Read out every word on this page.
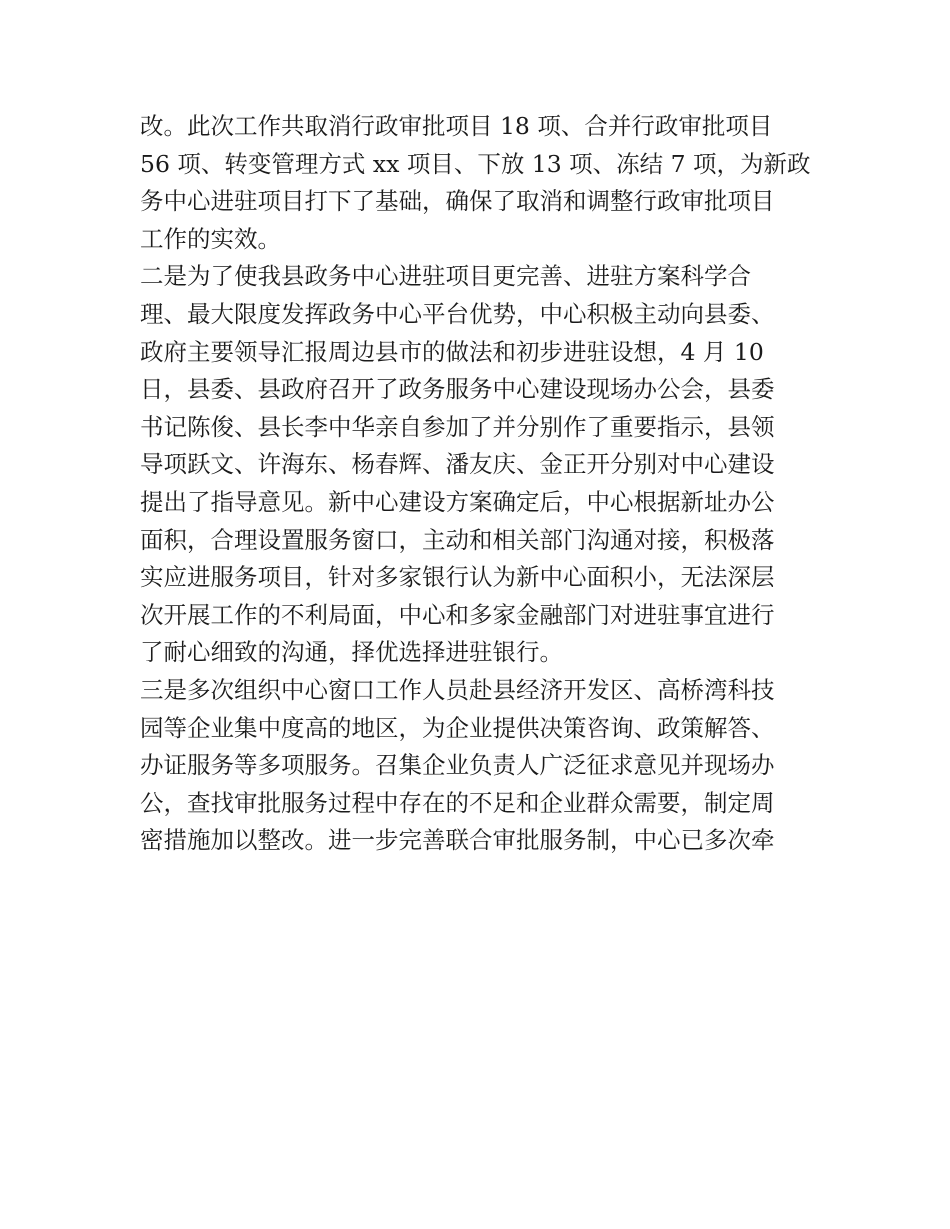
改。此次工作共取消行政审批项目 18 项、合并行政审批项目
56 项、转变管理方式 xx 项目、下放 13 项、冻结 7 项，为新政
务中心进驻项目打下了基础，确保了取消和调整行政审批项目
工作的实效。
二是为了使我县政务中心进驻项目更完善、进驻方案科学合
理、最大限度发挥政务中心平台优势，中心积极主动向县委、
政府主要领导汇报周边县市的做法和初步进驻设想，4 月 10
日，县委、县政府召开了政务服务中心建设现场办公会，县委
书记陈俊、县长李中华亲自参加了并分别作了重要指示，县领
导项跃文、许海东、杨春辉、潘友庆、金正开分别对中心建设
提出了指导意见。新中心建设方案确定后，中心根据新址办公
面积，合理设置服务窗口，主动和相关部门沟通对接，积极落
实应进服务项目，针对多家银行认为新中心面积小，无法深层
次开展工作的不利局面，中心和多家金融部门对进驻事宜进行
了耐心细致的沟通，择优选择进驻银行。
三是多次组织中心窗口工作人员赴县经济开发区、高桥湾科技
园等企业集中度高的地区，为企业提供决策咨询、政策解答、
办证服务等多项服务。召集企业负责人广泛征求意见并现场办
公，查找审批服务过程中存在的不足和企业群众需要，制定周
密措施加以整改。进一步完善联合审批服务制，中心已多次牵
